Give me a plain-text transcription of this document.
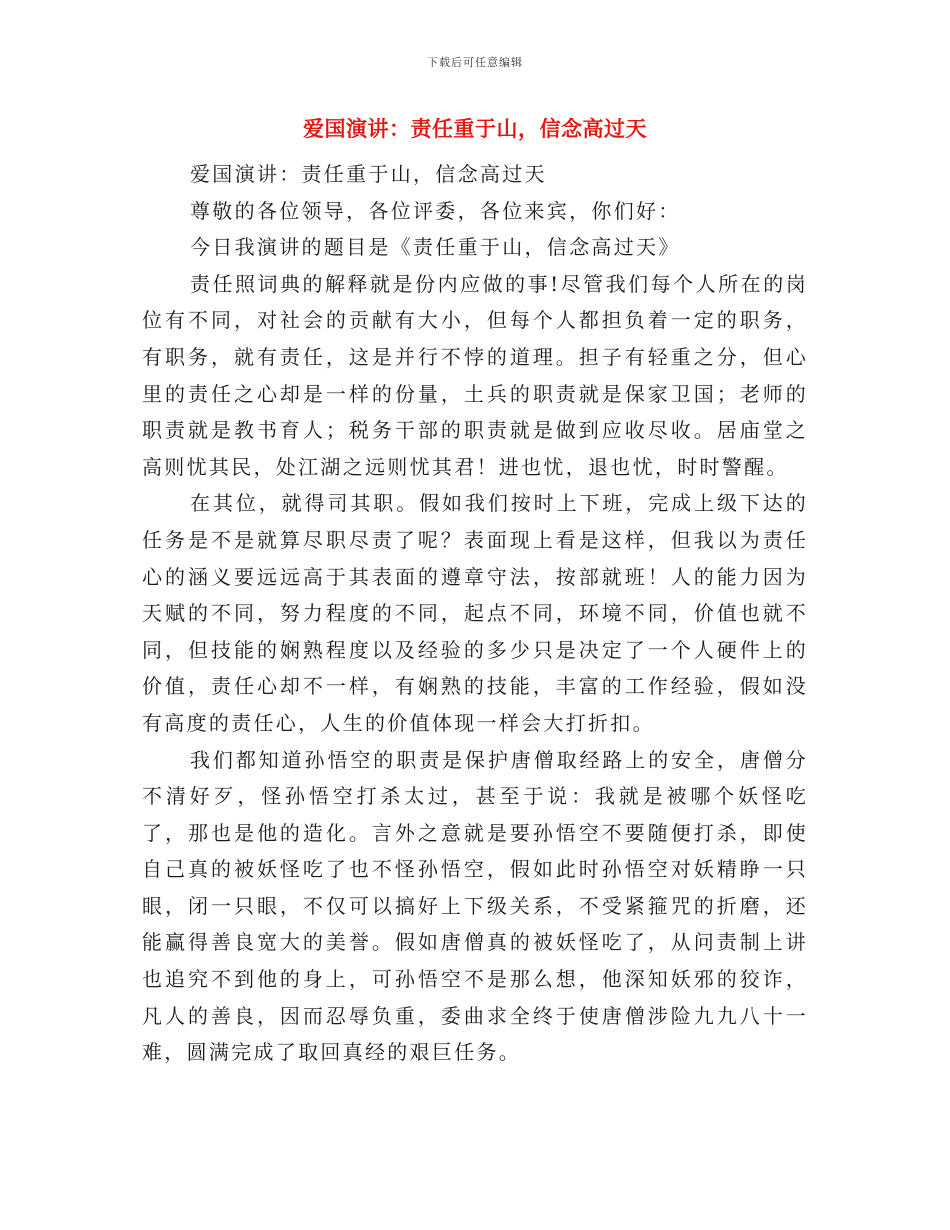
下载后可任意编辑
爱国演讲：责任重于山，信念高过天

爱国演讲：责任重于山，信念高过天

尊敬的各位领导，各位评委，各位来宾，你们好：

今日我演讲的题目是《责任重于山，信念高过天》

责任照词典的解释就是份内应做的事!尽管我们每个人所在的岗位有不同，对社会的贡献有大小，但每个人都担负着一定的职务，有职务，就有责任，这是并行不悖的道理。担子有轻重之分，但心里的责任之心却是一样的份量，土兵的职责就是保家卫国；老师的职责就是教书育人；税务干部的职责就是做到应收尽收。居庙堂之高则忧其民，处江湖之远则忧其君！进也忧，退也忧，时时警醒。

在其位，就得司其职。假如我们按时上下班，完成上级下达的任务是不是就算尽职尽责了呢？表面现上看是这样，但我以为责任心的涵义要远远高于其表面的遵章守法，按部就班！人的能力因为天赋的不同，努力程度的不同，起点不同，环境不同，价值也就不同，但技能的娴熟程度以及经验的多少只是决定了一个人硬件上的价值，责任心却不一样，有娴熟的技能，丰富的工作经验，假如没有高度的责任心，人生的价值体现一样会大打折扣。

我们都知道孙悟空的职责是保护唐僧取经路上的安全，唐僧分不清好歹，怪孙悟空打杀太过，甚至于说：我就是被哪个妖怪吃了，那也是他的造化。言外之意就是要孙悟空不要随便打杀，即使自己真的被妖怪吃了也不怪孙悟空，假如此时孙悟空对妖精睁一只眼，闭一只眼，不仅可以搞好上下级关系，不受紧箍咒的折磨，还能赢得善良宽大的美誉。假如唐僧真的被妖怪吃了，从问责制上讲也追究不到他的身上，可孙悟空不是那么想，他深知妖邪的狡诈，凡人的善良，因而忍辱负重，委曲求全终于使唐僧涉险九九八十一难，圆满完成了取回真经的艰巨任务。
